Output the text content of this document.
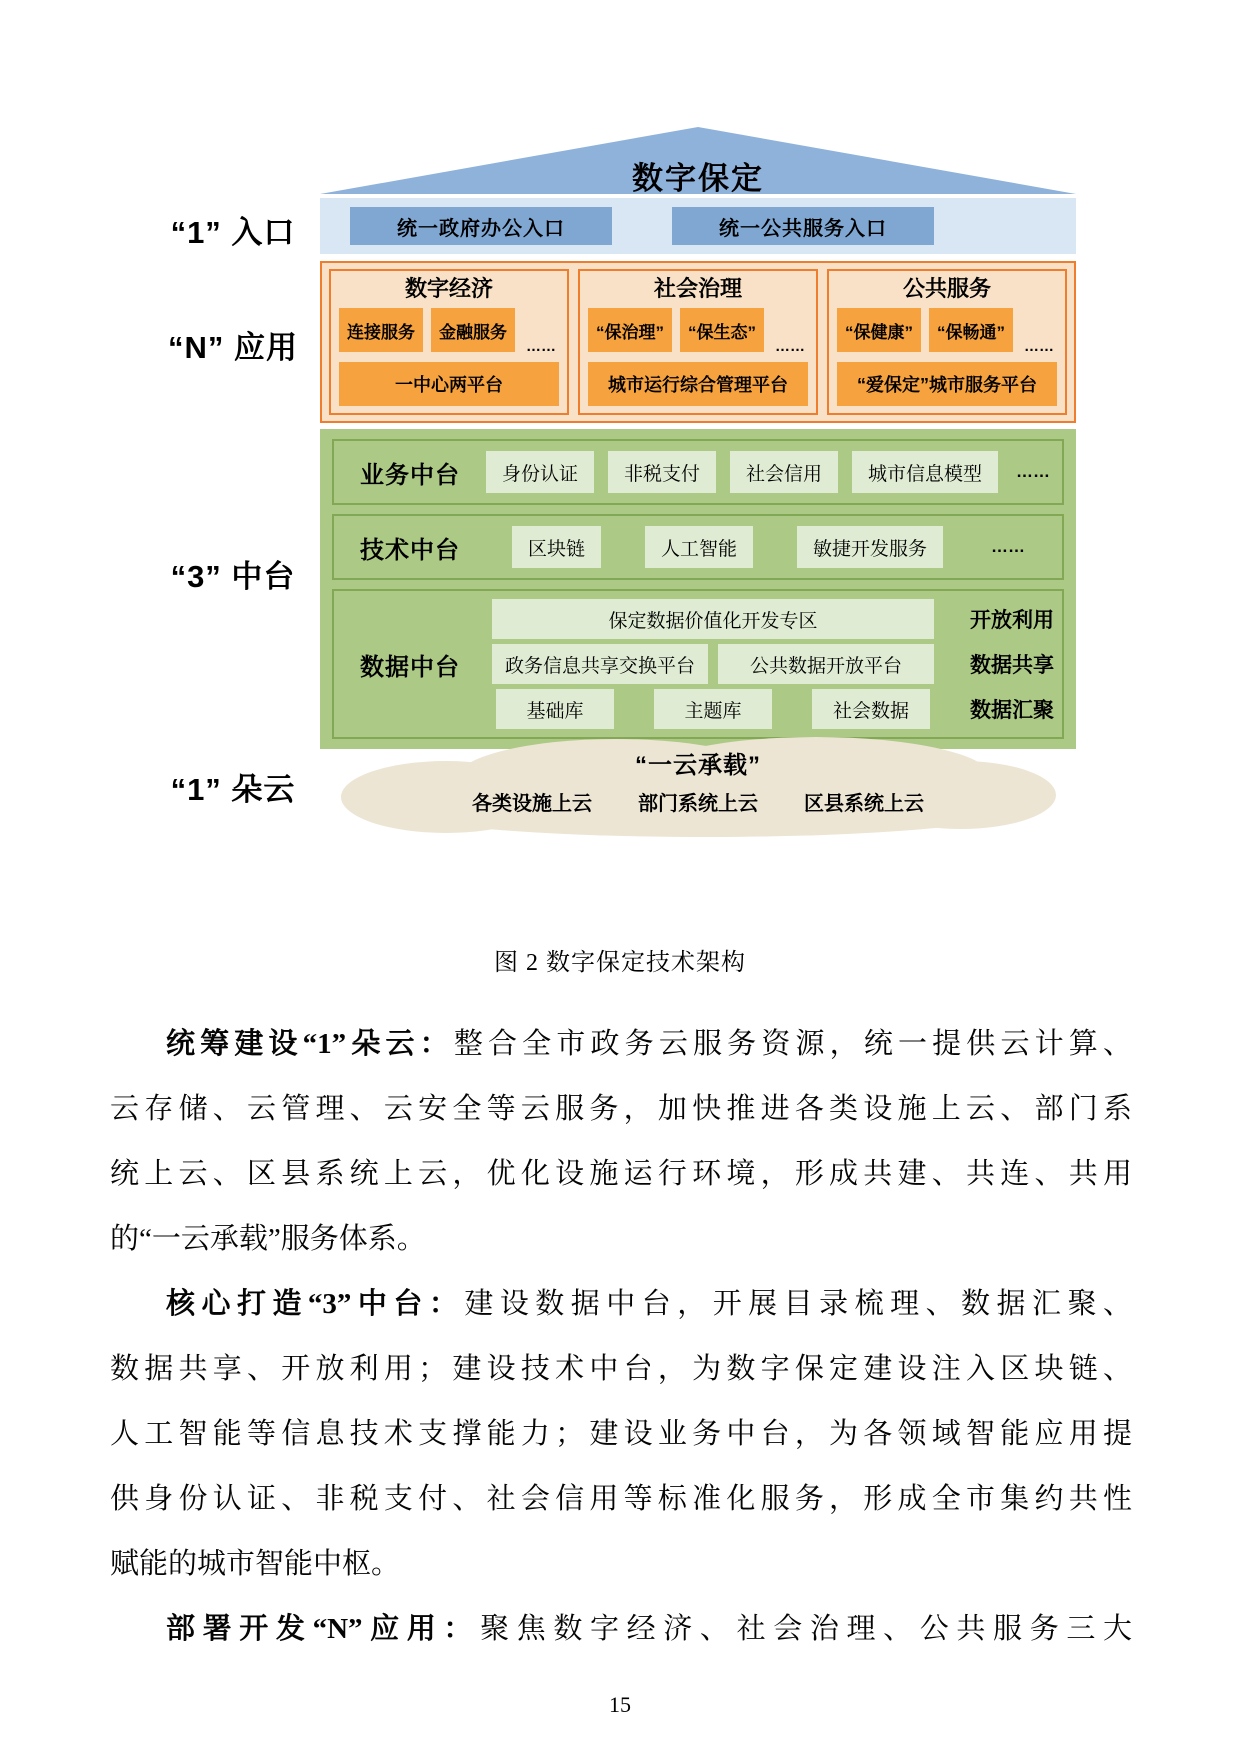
数字保定
“1” 入口
“N” 应用
“3” 中台
“1” 朵云
统一政府办公入口	统一公共服务入口
数字经济
连接服务	金融服务
……
一中心两平台
社会治理
“保治理”	“保生态”
……
城市运行综合管理平台
公共服务
“保健康”	“保畅通”
……
“爱保定”城市服务平台
业务中台	身份认证	非税支付	社会信用	城市信息模型	……
技术中台	区块链	人工智能	敏捷开发服务	……
数据中台
保定数据价值化开发专区
政务信息共享交换平台	公共数据开放平台
基础库	主题库	社会数据
开放利用
数据共享
数据汇聚
“一云承载”
各类设施上云 部门系统上云 区县系统上云
图 2 数字保定技术架构
统筹建设“1”朵云：整合全市政务云服务资源，统一提供云计算、
云存储、云管理、云安全等云服务，加快推进各类设施上云、部门系
统上云、区县系统上云，优化设施运行环境，形成共建、共连、共用
的“一云承载”服务体系。
核心打造“3”中台：建设数据中台，开展目录梳理、数据汇聚、
数据共享、开放利用；建设技术中台，为数字保定建设注入区块链、
人工智能等信息技术支撑能力；建设业务中台，为各领域智能应用提
供身份认证、非税支付、社会信用等标准化服务，形成全市集约共性
赋能的城市智能中枢。
部署开发“N”应用：聚焦数字经济、社会治理、公共服务三大
15
